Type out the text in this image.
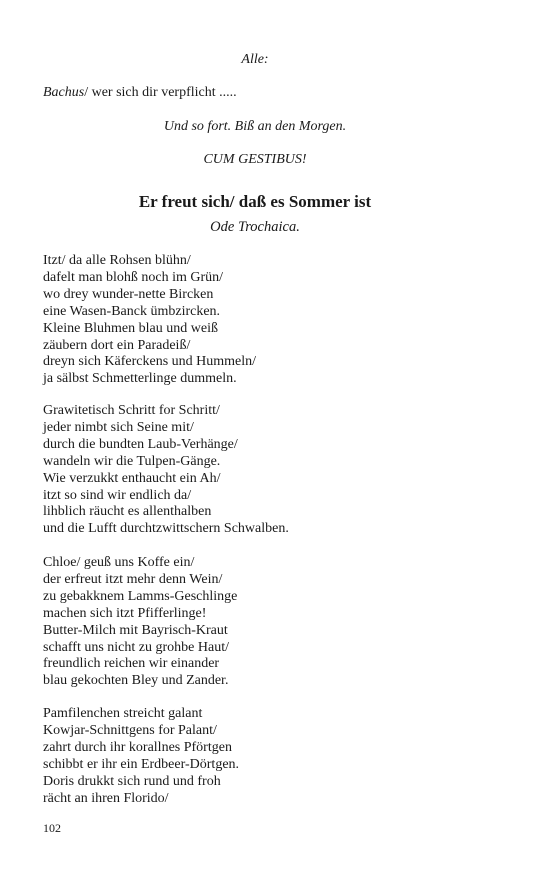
Alle:
Bachus/ wer sich dir verpflicht .....
Und so fort. Biß an den Morgen.
CUM GESTIBUS!
Er freut sich/ daß es Sommer ist
Ode Trochaica.
Itzt/ da alle Rohsen blühn/
dafelt man blohß noch im Grün/
wo drey wunder-nette Bircken
eine Wasen-Banck ümbzircken.
Kleine Bluhmen blau und weiß
zäubern dort ein Paradeiß/
dreyn sich Käferckens und Hummeln/
ja sälbst Schmetterlinge dummeln.
Grawitetisch Schritt for Schritt/
jeder nimbt sich Seine mit/
durch die bundten Laub-Verhänge/
wandeln wir die Tulpen-Gänge.
Wie verzukkt enthaucht ein Ah/
itzt so sind wir endlich da/
lihblich räucht es allenthalben
und die Lufft durchtzwittschern Schwalben.
Chloe/ geuß uns Koffe ein/
der erfreut itzt mehr denn Wein/
zu gebakknem Lamms-Geschlinge
machen sich itzt Pfifferlinge!
Butter-Milch mit Bayrisch-Kraut
schafft uns nicht zu grohbe Haut/
freundlich reichen wir einander
blau gekochten Bley und Zander.
Pamfilenchen streicht galant
Kowjar-Schnittgens for Palant/
zahrt durch ihr korallnes Pförtgen
schibbt er ihr ein Erdbeer-Dörtgen.
Doris drukkt sich rund und froh
rächt an ihren Florido/
102
